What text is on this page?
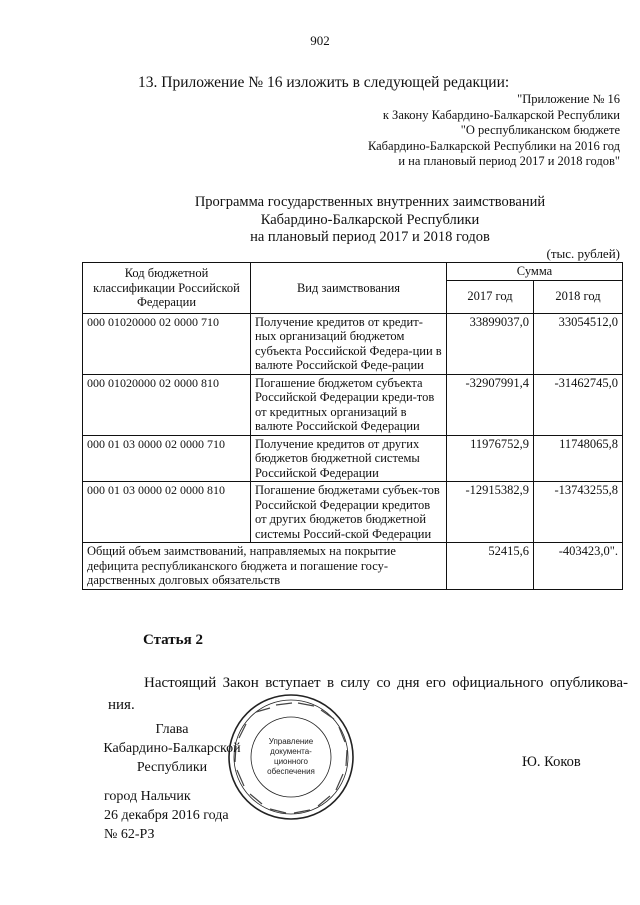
902
13. Приложение № 16 изложить в следующей редакции:
"Приложение № 16
к Закону Кабардино-Балкарской Республики
"О республиканском бюджете
Кабардино-Балкарской Республики на 2016 год
и на плановый период 2017 и 2018 годов"
Программа государственных внутренних заимствований
Кабардино-Балкарской Республики
на плановый период 2017 и 2018 годов
(тыс. рублей)
Код бюджетной классификации Российской Федерации	Вид заимствования	Сумма	
		2017 год	2018 год
000 01020000 02 0000 710	Получение кредитов от кредит-ных организаций бюджетом субъекта Российской Федера-ции в валюте Российской Феде-рации	33899037,0	33054512,0
000 01020000 02 0000 810	Погашение бюджетом субъекта Российской Федерации креди-тов от кредитных организаций в валюте Российской Федерации	-32907991,4	-31462745,0
000 01 03 0000 02 0000 710	Получение кредитов от других бюджетов бюджетной системы Российской Федерации	11976752,9	11748065,8
000 01 03 0000 02 0000 810	Погашение бюджетами субъек-тов Российской Федерации кредитов от других бюджетов бюджетной системы Россий-ской Федерации	-12915382,9	-13743255,8
Общий объем заимствований, направляемых на покрытие дефицита республиканского бюджета и погашение госу-дарственных долговых обязательств		52415,6	-403423,0".
Статья 2
Настоящий Закон вступает в силу со дня его официального опубликова-ния.
Управление
документа-
ционного
обеспечения
Глава
Кабардино-Балкарской
Республики	Ю. Коков
город Нальчик
26 декабря 2016 года
№ 62-РЗ
